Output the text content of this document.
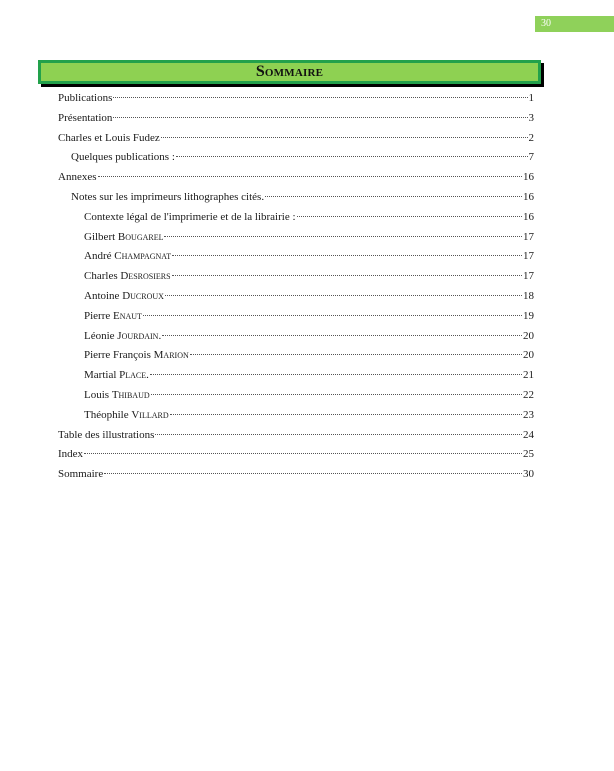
30
Sommaire
Publications	1
Présentation	3
Charles et Louis Fudez	2
Quelques publications :	7
Annexes	16
Notes sur les imprimeurs lithographes cités.	16
Contexte légal de l'imprimerie et de la librairie :	16
Gilbert Bougarel	17
André Champagnat	17
Charles Desrosiers	17
Antoine Ducroux	18
Pierre Enaut	19
Léonie Jourdain.	20
Pierre François Marion	20
Martial Place.	21
Louis Thibaud	22
Théophile Villard	23
Table des illustrations	24
Index	25
Sommaire	30
